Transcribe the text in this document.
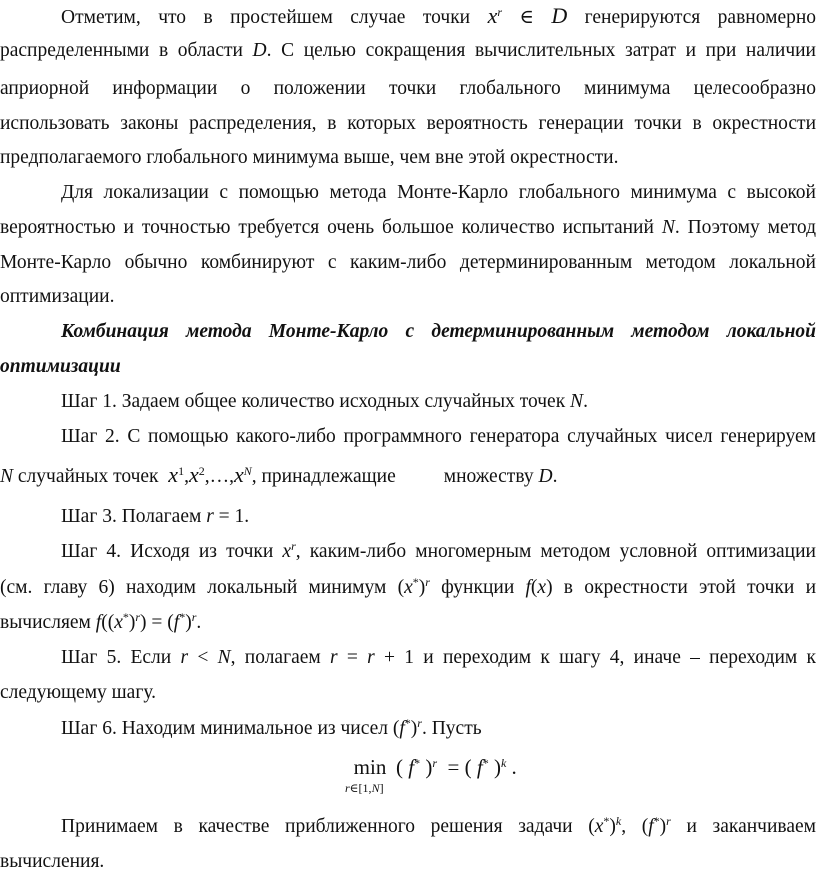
Отметим, что в простейшем случае точки $x^r$ ∈ D генерируются равномерно

распределенными в области D. С целью сокращения вычислительных затрат и при наличии

априорной информации о положении точки глобального минимума целесообразно

использовать законы распределения, в которых вероятность генерации точки в окрестности

предполагаемого глобального минимума выше, чем вне этой окрестности.

Для локализации с помощью метода Монте-Карло глобального минимума с высокой

вероятностью и точностью требуется очень большое количество испытаний N. Поэтому метод

Монте-Карло обычно комбинируют с каким-либо детерминированным методом локальной

оптимизации.

Комбинация метода Монте-Карло с детерминированным методом локальной

оптимизации

Шаг 1. Задаем общее количество исходных случайных точек N.

Шаг 2. С помощью какого-либо программного генератора случайных чисел генерируем

N случайных точек $x^1,x^2,\dots,x^N$, принадлежащие множеству D.

Шаг 3. Полагаем r = 1.

Шаг 4. Исходя из точки $x^r$, каким-либо многомерным методом условной оптимизации

(см. главу 6) находим локальный минимум $(x^*)^r$ функции f(x) в окрестности этой точки и

вычисляем $f((x^*)^r) = (f^*)^r$.

Шаг 5. Если r < N, полагаем r = r + 1 и переходим к шагу 4, иначе – переходим к

следующему шагу.

Шаг 6. Находим минимальное из чисел $(f^*)^r$. Пусть

min
r∈[1,N]
( f* )$^r$ = ( f* )$^k$ .

Принимаем в качестве приближенного решения задачи $(x^*)^k$, $(f^*)^r$ и заканчиваем

вычисления.
